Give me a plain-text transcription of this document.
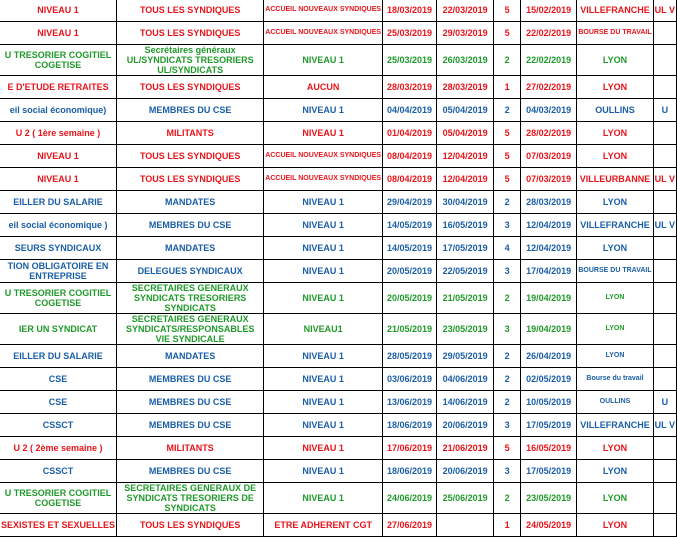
NIVEAU 1	TOUS LES SYNDIQUES	ACCUEIL NOUVEAUX SYNDIQUES	18/03/2019	22/03/2019	5	15/02/2019	VILLEFRANCHE	UL V
NIVEAU 1	TOUS LES SYNDIQUES	ACCUEIL NOUVEAUX SYNDIQUES	25/03/2019	29/03/2019	5	22/02/2019	BOURSE DU TRAVAIL	
U TRESORIER COGITIEL COGETISE	Secrétaires généraux UL/SYNDICATS TRESORIERS UL/SYNDICATS	NIVEAU 1	25/03/2019	26/03/2019	2	22/02/2019	LYON	
E D'ETUDE RETRAITES	TOUS LES SYNDIQUES	AUCUN	28/03/2019	28/03/2019	1	27/02/2019	LYON	
eil social économique)	MEMBRES DU CSE	NIVEAU 1	04/04/2019	05/04/2019	2	04/03/2019	OULLINS	U
U 2 ( 1ère semaine )	MILITANTS	NIVEAU 1	01/04/2019	05/04/2019	5	28/02/2019	LYON	
NIVEAU 1	TOUS LES SYNDIQUES	ACCUEIL NOUVEAUX SYNDIQUES	08/04/2019	12/04/2019	5	07/03/2019	LYON	
NIVEAU 1	TOUS LES SYNDIQUES	ACCUEIL NOUVEAUX SYNDIQUES	08/04/2019	12/04/2019	5	07/03/2019	VILLEURBANNE	UL V
EILLER DU SALARIE	MANDATES	NIVEAU 1	29/04/2019	30/04/2019	2	28/03/2019	LYON	
eil social économique )	MEMBRES DU CSE	NIVEAU 1	14/05/2019	16/05/2019	3	12/04/2019	VILLEFRANCHE	UL V
SEURS SYNDICAUX	MANDATES	NIVEAU 1	14/05/2019	17/05/2019	4	12/04/2019	LYON	
TION OBLIGATOIRE EN ENTREPRISE	DELEGUES SYNDICAUX	NIVEAU 1	20/05/2019	22/05/2019	3	17/04/2019	BOURSE DU TRAVAIL	
U TRESORIER COGITIEL COGETISE	SECRETAIRES GENERAUX SYNDICATS TRESORIERS SYNDICATS	NIVEAU 1	20/05/2019	21/05/2019	2	19/04/2019	LYON	
IER UN SYNDICAT	SECRETAIRES GENERAUX SYNDICATS/RESPONSABLES VIE SYNDICALE	NIVEAU1	21/05/2019	23/05/2019	3	19/04/2019	LYON	
EILLER DU SALARIE	MANDATES	NIVEAU 1	28/05/2019	29/05/2019	2	26/04/2019	LYON	
CSE	MEMBRES DU CSE	NIVEAU 1	03/06/2019	04/06/2019	2	02/05/2019	Bourse du travail	
CSE	MEMBRES DU CSE	NIVEAU 1	13/06/2019	14/06/2019	2	10/05/2019	OULLINS	U
CSSCT	MEMBRES DU CSE	NIVEAU 1	18/06/2019	20/06/2019	3	17/05/2019	VILLEFRANCHE	UL V
U 2 ( 2ème semaine )	MILITANTS	NIVEAU 1	17/06/2019	21/06/2019	5	16/05/2019	LYON	
CSSCT	MEMBRES DU CSE	NIVEAU 1	18/06/2019	20/06/2019	3	17/05/2019	LYON	
U TRESORIER COGITIEL COGETISE	SECRETAIRES GENERAUX DE SYNDICATS TRESORIERS DE SYNDICATS	NIVEAU 1	24/06/2019	25/06/2019	2	23/05/2019	LYON	
SEXISTES ET SEXUELLES	TOUS LES SYNDIQUES	ETRE ADHERENT CGT	27/06/2019		1	24/05/2019	LYON	
